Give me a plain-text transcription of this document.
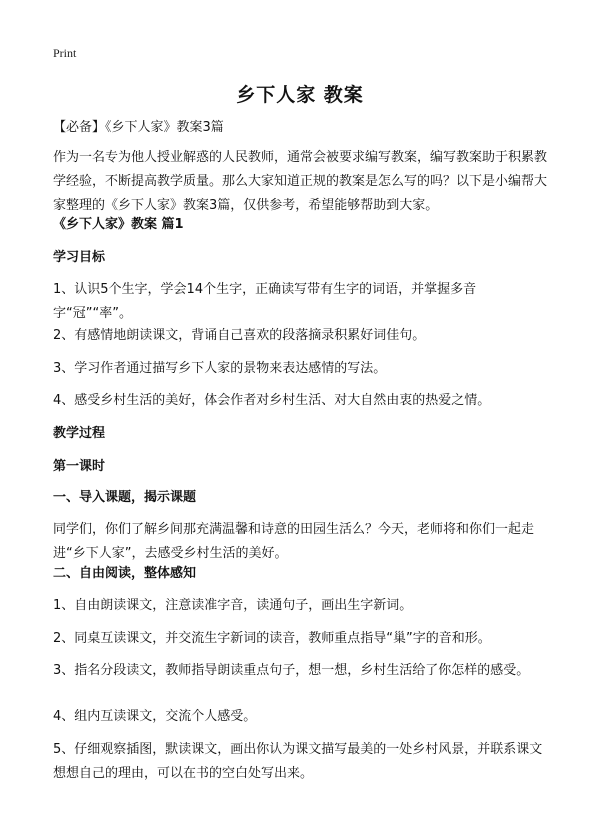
Print
乡下人家 教案
【必备】《乡下人家》教案3篇
作为一名专为他人授业解惑的人民教师，通常会被要求编写教案，编写教案助于积累教学经验，不断提高教学质量。那么大家知道正规的教案是怎么写的吗？以下是小编帮大家整理的《乡下人家》教案3篇，仅供参考，希望能够帮助到大家。
《乡下人家》教案 篇1
学习目标
1、认识5个生字，学会14个生字，正确读写带有生字的词语，并掌握多音字“冠”“率”。
2、有感情地朗读课文，背诵自己喜欢的段落摘录积累好词佳句。
3、学习作者通过描写乡下人家的景物来表达感情的写法。
4、感受乡村生活的美好，体会作者对乡村生活、对大自然由衷的热爱之情。
教学过程
第一课时
一、导入课题，揭示课题
同学们，你们了解乡间那充满温馨和诗意的田园生活么？今天，老师将和你们一起走进“乡下人家”，去感受乡村生活的美好。
二、自由阅读，整体感知
1、自由朗读课文，注意读准字音，读通句子，画出生字新词。
2、同桌互读课文，并交流生字新词的读音，教师重点指导“巢”字的音和形。
3、指名分段读文，教师指导朗读重点句子，想一想，乡村生活给了你怎样的感受。
4、组内互读课文，交流个人感受。
5、仔细观察插图，默读课文，画出你认为课文描写最美的一处乡村风景，并联系课文想想自己的理由，可以在书的空白处写出来。
